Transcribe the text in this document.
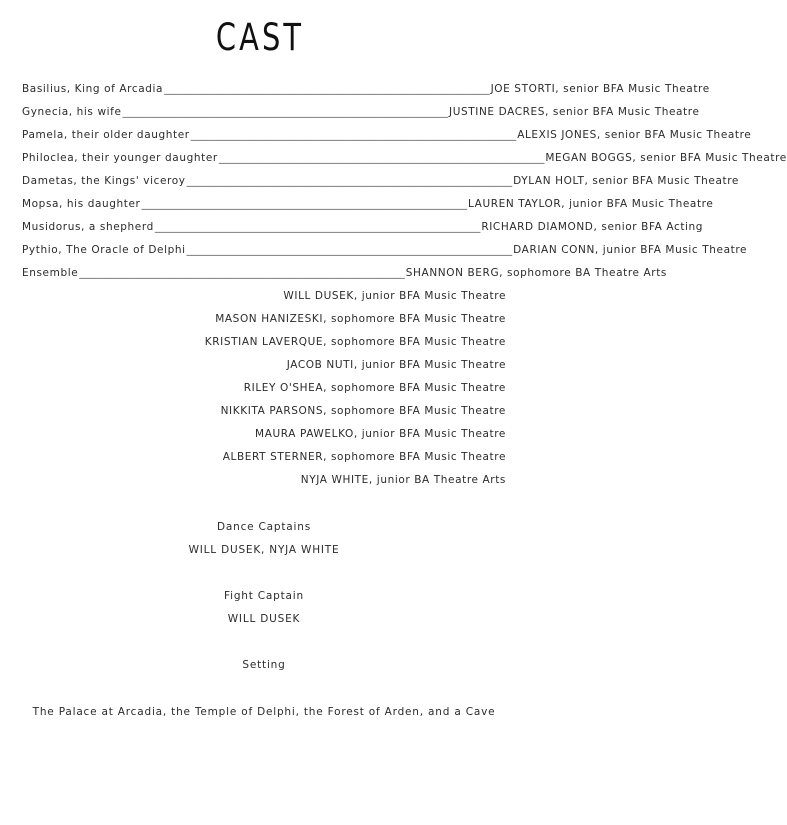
CAST
Basilius, King of Arcadia ______________________________________________________________ JOE STORTI, senior BFA Music Theatre
Gynecia, his wife ______________________________________________________________ JUSTINE DACRES, senior BFA Music Theatre
Pamela, their older daughter ______________________________________________________________ ALEXIS JONES, senior BFA Music Theatre
Philoclea, their younger daughter ______________________________________________________________ MEGAN BOGGS, senior BFA Music Theatre
Dametas, the Kings' viceroy ______________________________________________________________ DYLAN HOLT, senior BFA Music Theatre
Mopsa, his daughter ______________________________________________________________ LAUREN TAYLOR, junior BFA Music Theatre
Musidorus, a shepherd ______________________________________________________________ RICHARD DIAMOND, senior BFA Acting
Pythio, The Oracle of Delphi ______________________________________________________________ DARIAN CONN, junior BFA Music Theatre
Ensemble ______________________________________________________________ SHANNON BERG, sophomore BA Theatre Arts
WILL DUSEK, junior BFA Music Theatre
MASON HANIZESKI, sophomore BFA Music Theatre
KRISTIAN LAVERQUE, sophomore BFA Music Theatre
JACOB NUTI, junior BFA Music Theatre
RILEY O'SHEA, sophomore BFA Music Theatre
NIKKITA PARSONS, sophomore BFA Music Theatre
MAURA PAWELKO, junior BFA Music Theatre
ALBERT STERNER, sophomore BFA Music Theatre
NYJA WHITE, junior BA Theatre Arts
Dance Captains
WILL DUSEK, NYJA WHITE
Fight Captain
WILL DUSEK
Setting
The Palace at Arcadia, the Temple of Delphi, the Forest of Arden, and a Cave
